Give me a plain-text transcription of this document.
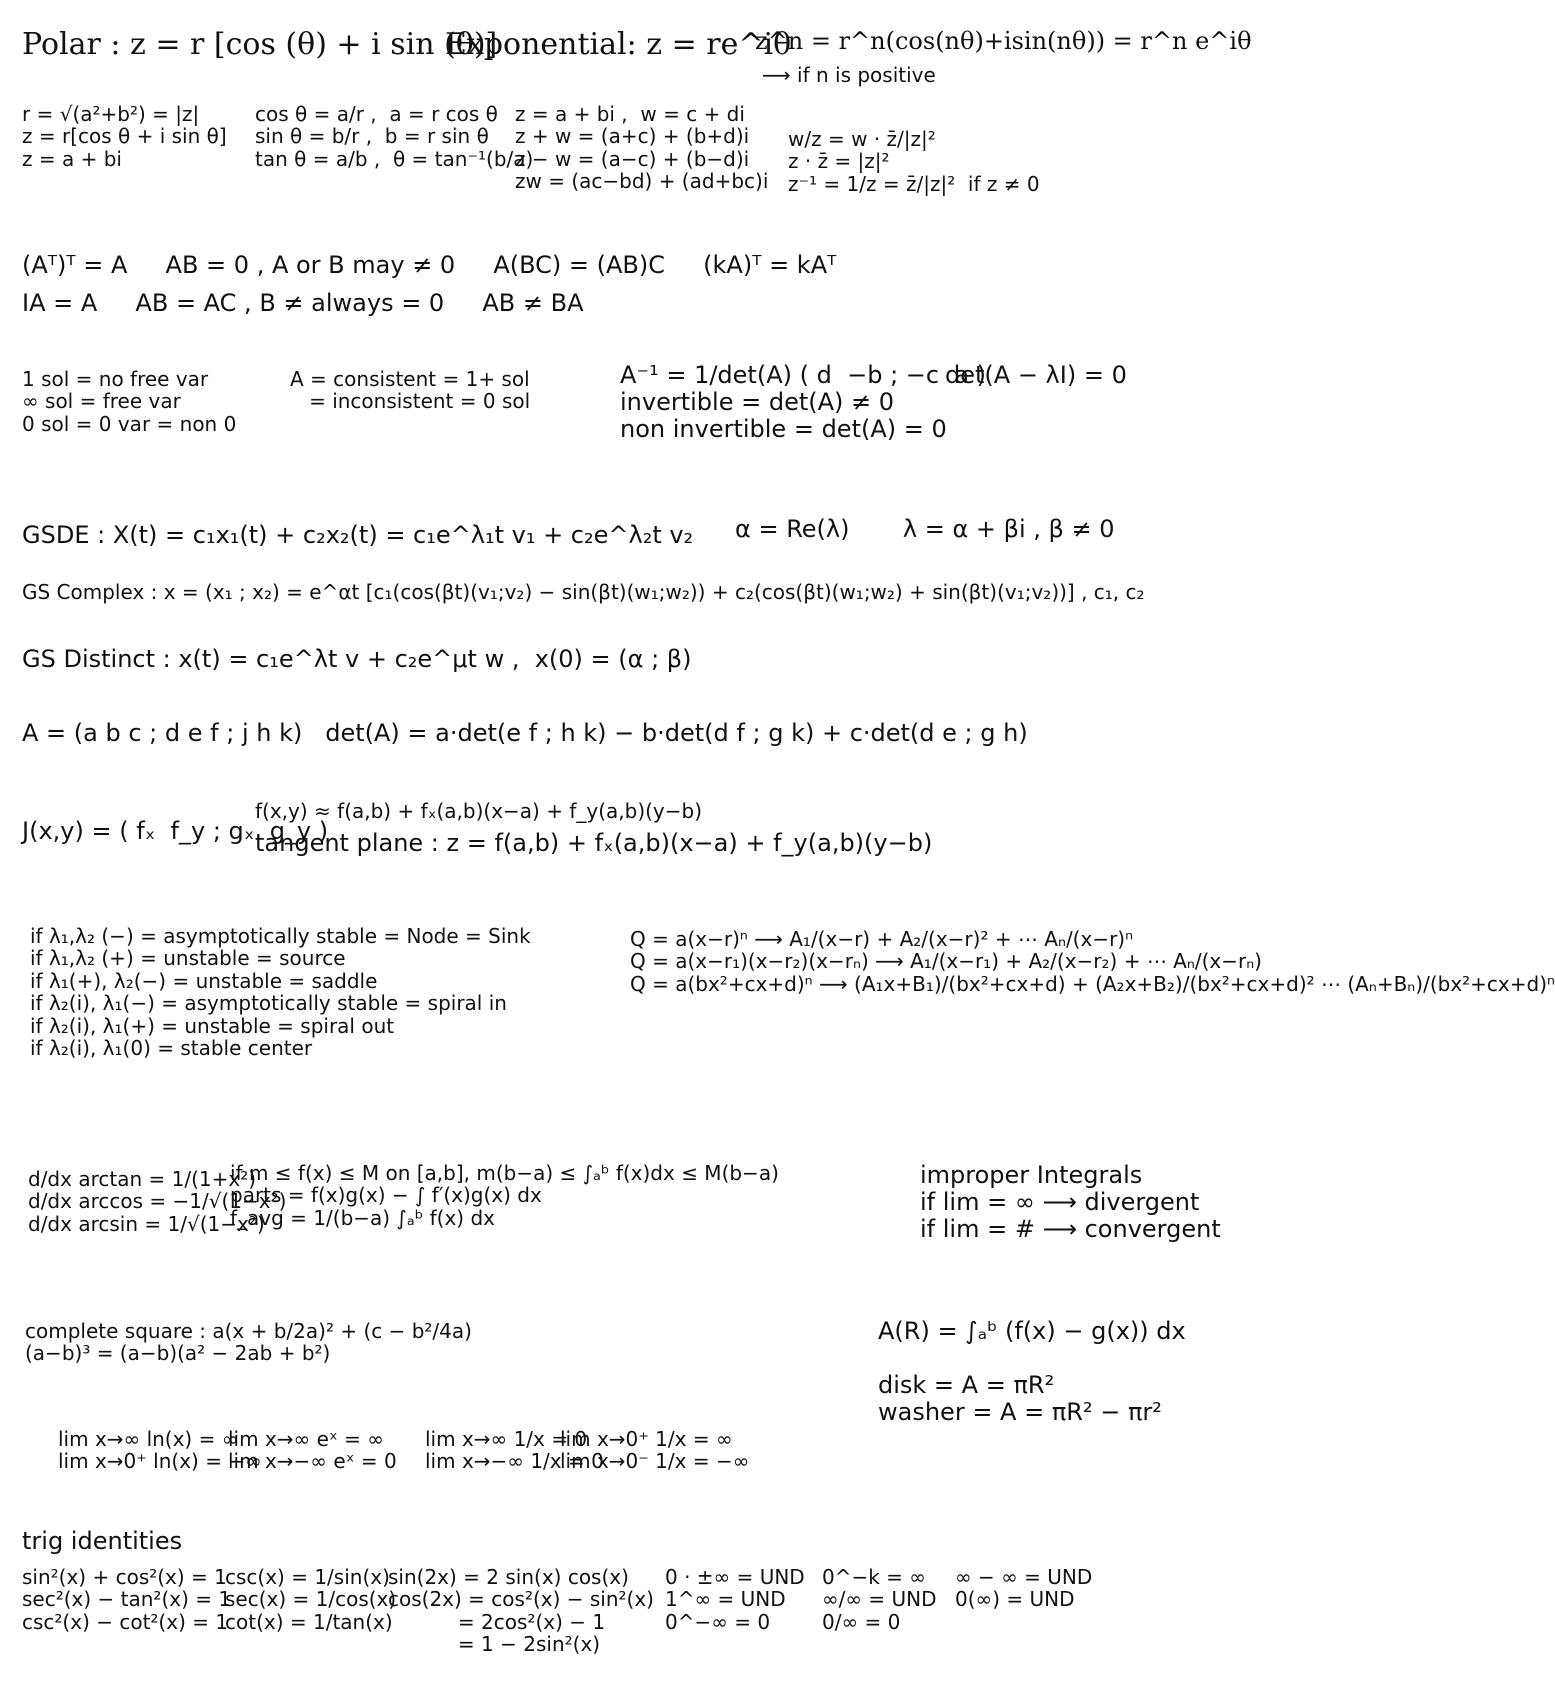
Polar : z = r [cos (θ) + i sin (θ)]
Exponential: z = re^iθ
z^n = r^n(cos(nθ)+isin(nθ)) = r^n e^iθ
⟶ if n is positive
r = √(a²+b²) = |z|
z = r[cos θ + i sin θ]
z = a + bi
cos θ = a/r ,  a = r cos θ
sin θ = b/r ,  b = r sin θ
tan θ = a/b ,  θ = tan⁻¹(b/a)
z = a + bi ,  w = c + di
z + w = (a+c) + (b+d)i
z − w = (a−c) + (b−d)i
zw = (ac−bd) + (ad+bc)i
w/z = w · z̄/|z|²
z · z̄ = |z|²
z⁻¹ = 1/z = z̄/|z|²  if z ≠ 0
(Aᵀ)ᵀ = A     AB = 0 , A or B may ≠ 0     A(BC) = (AB)C     (kA)ᵀ = kAᵀ
IA = A     AB = AC , B ≠ always = 0     AB ≠ BA
1 sol = no free var
∞ sol = free var
0 sol = 0 var = non 0
A = consistent = 1+ sol
= inconsistent = 0 sol
A⁻¹ = 1/det(A) ( d  −b ; −c  a )
invertible = det(A) ≠ 0
non invertible = det(A) = 0
det(A − λI) = 0
GSDE : X(t) = c₁x₁(t) + c₂x₂(t) = c₁e^λ₁t v₁ + c₂e^λ₂t v₂ α = Re(λ)       λ = α + βi , β ≠ 0
GS Complex : x = (x₁ ; x₂) = e^αt [c₁(cos(βt)(v₁;v₂) − sin(βt)(w₁;w₂)) + c₂(cos(βt)(w₁;w₂) + sin(βt)(v₁;v₂))] , c₁, c₂
GS Distinct : x(t) = c₁e^λt v + c₂e^μt w ,  x(0) = (α ; β)
A = (a b c ; d e f ; j h k)   det(A) = a·det(e f ; h k) − b·det(d f ; g k) + c·det(d e ; g h)
J(x,y) = ( fₓ  f_y ; gₓ  g_y )
f(x,y) ≈ f(a,b) + fₓ(a,b)(x−a) + f_y(a,b)(y−b)
tangent plane : z = f(a,b) + fₓ(a,b)(x−a) + f_y(a,b)(y−b)
if λ₁,λ₂ (−) = asymptotically stable = Node = Sink
if λ₁,λ₂ (+) = unstable = source
if λ₁(+), λ₂(−) = unstable = saddle
if λ₂(i), λ₁(−) = asymptotically stable = spiral in
if λ₂(i), λ₁(+) = unstable = spiral out
if λ₂(i), λ₁(0) = stable center
Q = a(x−r)ⁿ ⟶ A₁/(x−r) + A₂/(x−r)² + ⋯ Aₙ/(x−r)ⁿ
Q = a(x−r₁)(x−r₂)(x−rₙ) ⟶ A₁/(x−r₁) + A₂/(x−r₂) + ⋯ Aₙ/(x−rₙ)
Q = a(bx²+cx+d)ⁿ ⟶ (A₁x+B₁)/(bx²+cx+d) + (A₂x+B₂)/(bx²+cx+d)² ⋯ (Aₙ+Bₙ)/(bx²+cx+d)ⁿ
d/dx arctan = 1/(1+x²)
d/dx arccos = −1/√(1−x²)
d/dx arcsin = 1/√(1−x²)
if m ≤ f(x) ≤ M on [a,b], m(b−a) ≤ ∫ₐᵇ f(x)dx ≤ M(b−a)
parts = f(x)g(x) − ∫ f′(x)g(x) dx
f_avg = 1/(b−a) ∫ₐᵇ f(x) dx
improper Integrals
if lim = ∞ ⟶ divergent
if lim = # ⟶ convergent
complete square : a(x + b/2a)² + (c − b²/4a)
(a−b)³ = (a−b)(a² − 2ab + b²)
A(R) = ∫ₐᵇ (f(x) − g(x)) dx
disk = A = πR²
washer = A = πR² − πr²
lim x→∞ ln(x) = ∞
lim x→0⁺ ln(x) = −∞
lim x→∞ eˣ = ∞
lim x→−∞ eˣ = 0
lim x→∞ 1/x = 0
lim x→−∞ 1/x = 0
lim x→0⁺ 1/x = ∞
lim x→0⁻ 1/x = −∞
trig identities
sin²(x) + cos²(x) = 1
sec²(x) − tan²(x) = 1
csc²(x) − cot²(x) = 1
csc(x) = 1/sin(x)
sec(x) = 1/cos(x)
cot(x) = 1/tan(x)
sin(2x) = 2 sin(x) cos(x)
cos(2x) = cos²(x) − sin²(x)
= 2cos²(x) − 1
= 1 − 2sin²(x)
0 · ±∞ = UND
1^∞ = UND
0^−∞ = 0
0^−k = ∞
∞/∞ = UND
0/∞ = 0
∞ − ∞ = UND
0(∞) = UND
